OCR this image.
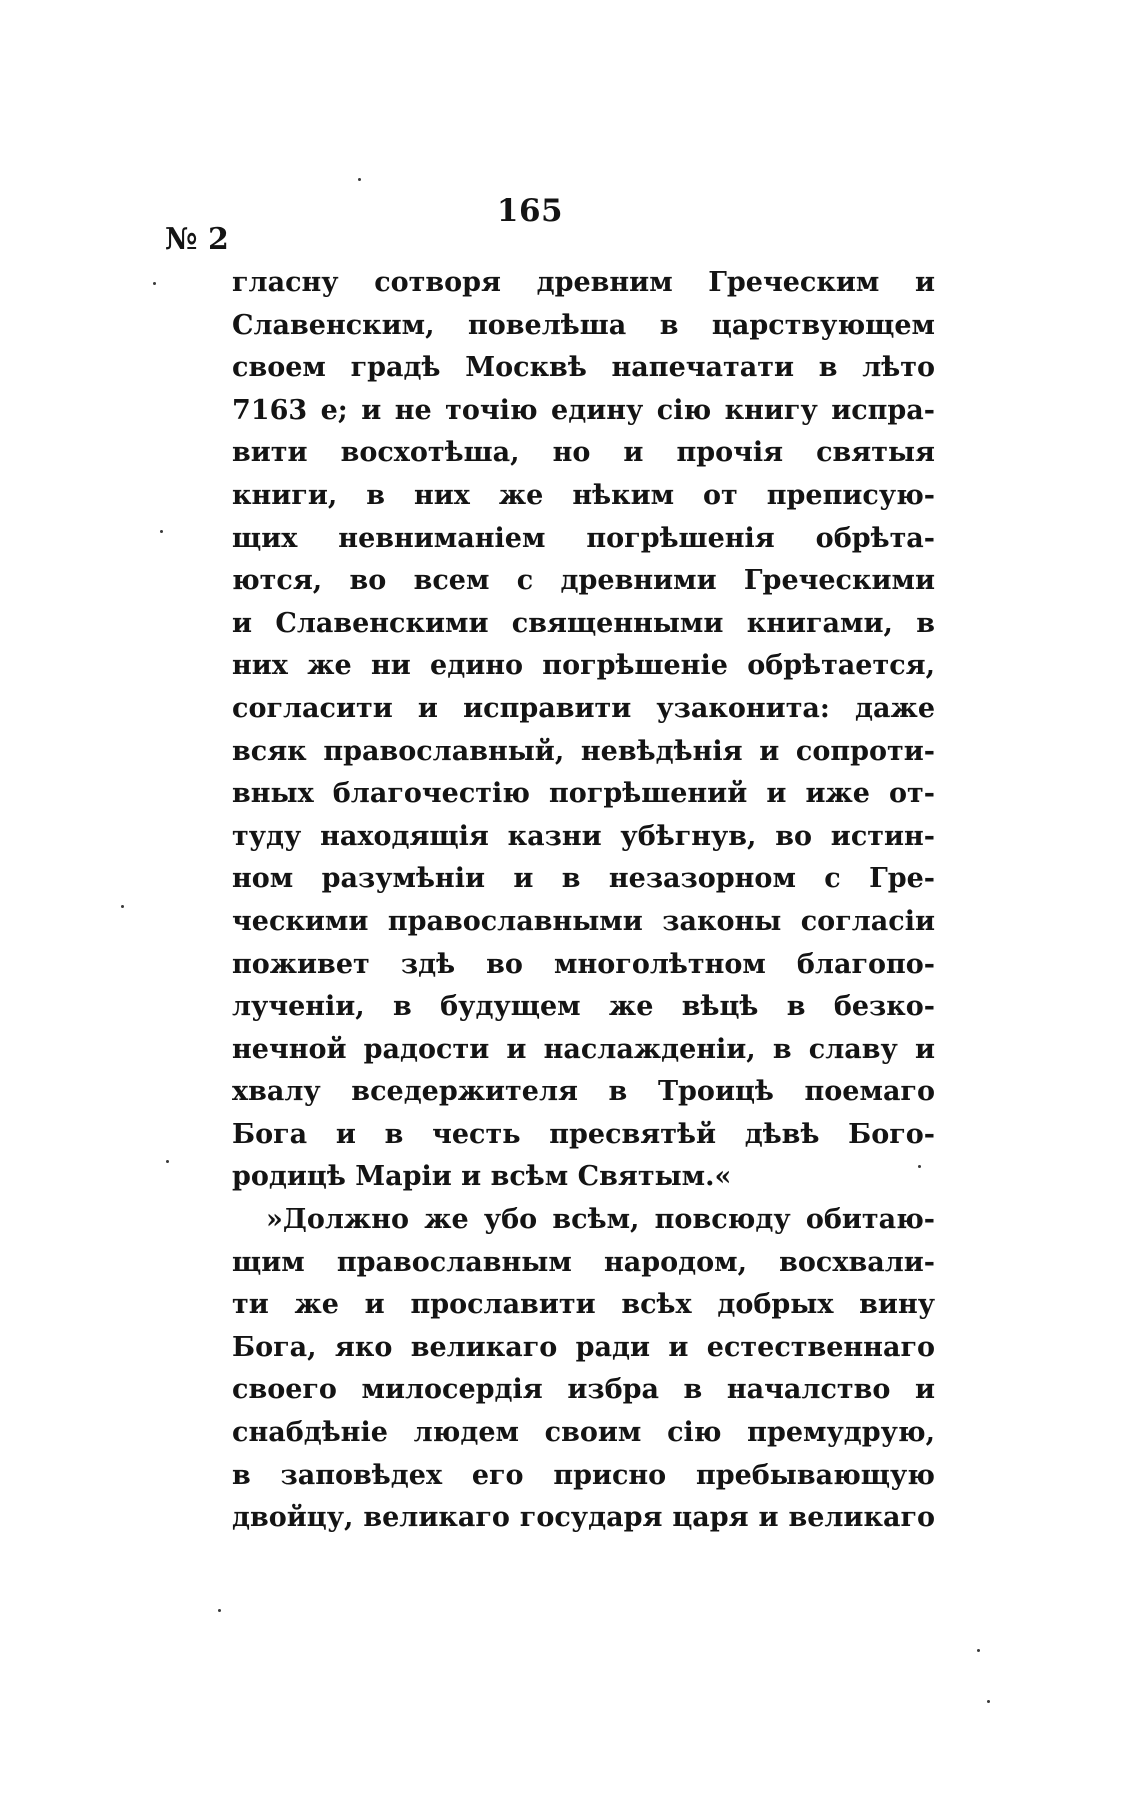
165
№ 2
гласну сотворя древним Греческим и
Славенским, повелѣша в царствующем
своем градѣ Москвѣ напечатати в лѣто
7163 е; и не точію едину сію книгу испра-
вити восхотѣша, но и прочія святыя
книги, в них же нѣким от преписую-
щих невниманіем погрѣшенія обрѣта-
ются, во всем с древними Греческими
и Славенскими священными книгами, в
них же ни едино погрѣшеніе обрѣтается,
согласити и исправити узаконита: даже
всяк православный, невѣдѣнія и сопроти-
вных благочестію погрѣшений и иже от-
туду находящія казни убѣгнув, во истин-
ном разумѣніи и в незазорном с Гре-
ческими православными законы согласіи
поживет здѣ во многолѣтном благопо-
лученіи, в будущем же вѣцѣ в безко-
нечной радости и наслажденіи, в славу и
хвалу вседержителя в Троицѣ поемаго
Бога и в честь пресвятѣй дѣвѣ Бого-
родицѣ Маріи и всѣм Святым.«
»Должно же убо всѣм, повсюду обитаю-
щим православным народом, восхвали-
ти же и прославити всѣх добрых вину
Бога, яко великаго ради и естественнаго
своего милосердія избра в началство и
снабдѣніе людем своим сію премудрую,
в заповѣдех его присно пребывающую
двойцу, великаго государя царя и великаго
